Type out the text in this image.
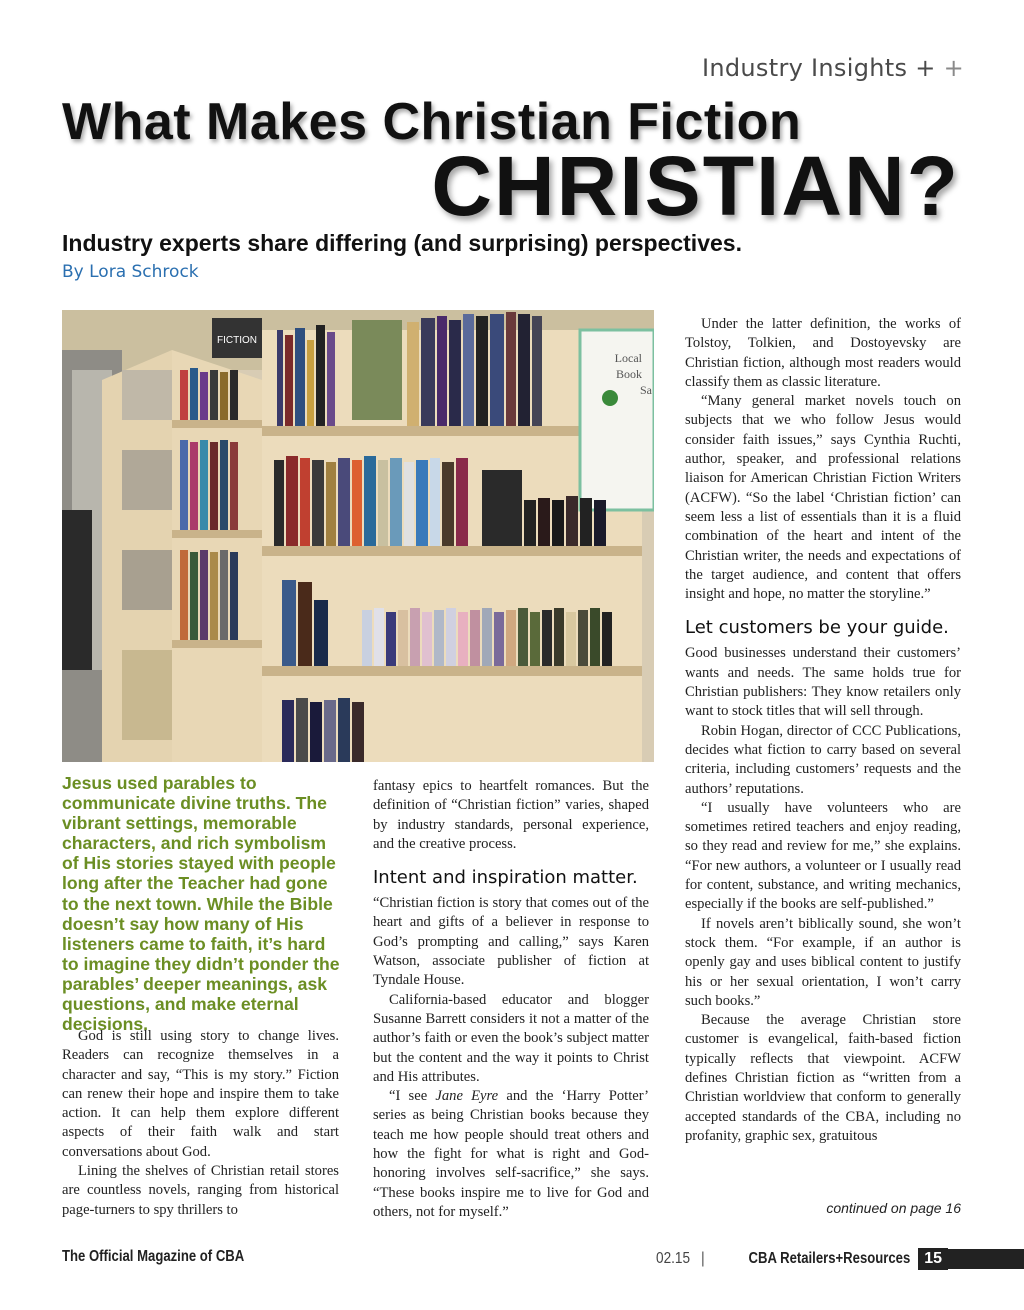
Industry Insights + +
What Makes Christian Fiction
CHRISTIAN?
Industry experts share differing (and surprising) perspectives.
By Lora Schrock
FICTION
Local
Book
Sa
Jesus used parables to communicate divine truths. The vibrant settings, memorable characters, and rich symbolism of His stories stayed with people long after the Teacher had gone to the next town. While the Bible doesn’t say how many of His listeners came to faith, it’s hard to imagine they didn’t ponder the parables’ deeper meanings, ask questions, and make eternal decisions.

God is still using story to change lives. Readers can recognize themselves in a character and say, “This is my story.” Fiction can renew their hope and inspire them to take action. It can help them explore different aspects of their faith walk and start conversations about God.

Lining the shelves of Christian retail stores are countless novels, ranging from historical page-turners to spy thrillers to

fantasy epics to heartfelt romances. But the definition of “Christian fiction” varies, shaped by industry standards, personal experience, and the creative process.

Intent and inspiration matter.

“Christian fiction is story that comes out of the heart and gifts of a believer in response to God’s prompting and calling,” says Karen Watson, associate publisher of fiction at Tyndale House.

California-based educator and blogger Susanne Barrett considers it not a matter of the author’s faith or even the book’s subject matter but the content and the way it points to Christ and His attributes.

“I see Jane Eyre and the ‘Harry Potter’ series as being Christian books because they teach me how people should treat others and how the fight for what is right and God-honoring involves self-sacrifice,” she says. “These books inspire me to live for God and others, not for myself.”

Under the latter definition, the works of Tolstoy, Tolkien, and Dostoyevsky are Christian fiction, although most readers would classify them as classic literature.

“Many general market novels touch on subjects that we who follow Jesus would consider faith issues,” says Cynthia Ruchti, author, speaker, and professional relations liaison for American Christian Fiction Writers (ACFW). “So the label ‘Christian fiction’ can seem less a list of essentials than it is a fluid combination of the heart and intent of the Christian writer, the needs and expectations of the target audience, and content that offers insight and hope, no matter the storyline.”

Let customers be your guide.

Good businesses understand their customers’ wants and needs. The same holds true for Christian publishers: They know retailers only want to stock titles that will sell through.

Robin Hogan, director of CCC Publications, decides what fiction to carry based on several criteria, including customers’ requests and the authors’ reputations.

“I usually have volunteers who are sometimes retired teachers and enjoy reading, so they read and review for me,” she explains. “For new authors, a volunteer or I usually read for content, substance, and writing mechanics, especially if the books are self-published.”

If novels aren’t biblically sound, she won’t stock them. “For example, if an author is openly gay and uses biblical content to justify his or her sexual orientation, I won’t carry such books.”

Because the average Christian store customer is evangelical, faith-based fiction typically reflects that viewpoint. ACFW defines Christian fiction as “written from a Christian worldview that conform to generally accepted standards of the CBA, including no profanity, graphic sex, gratuitous

continued on page 16
The Official Magazine of CBA	02.15 |	CBA Retailers+Resources 15
